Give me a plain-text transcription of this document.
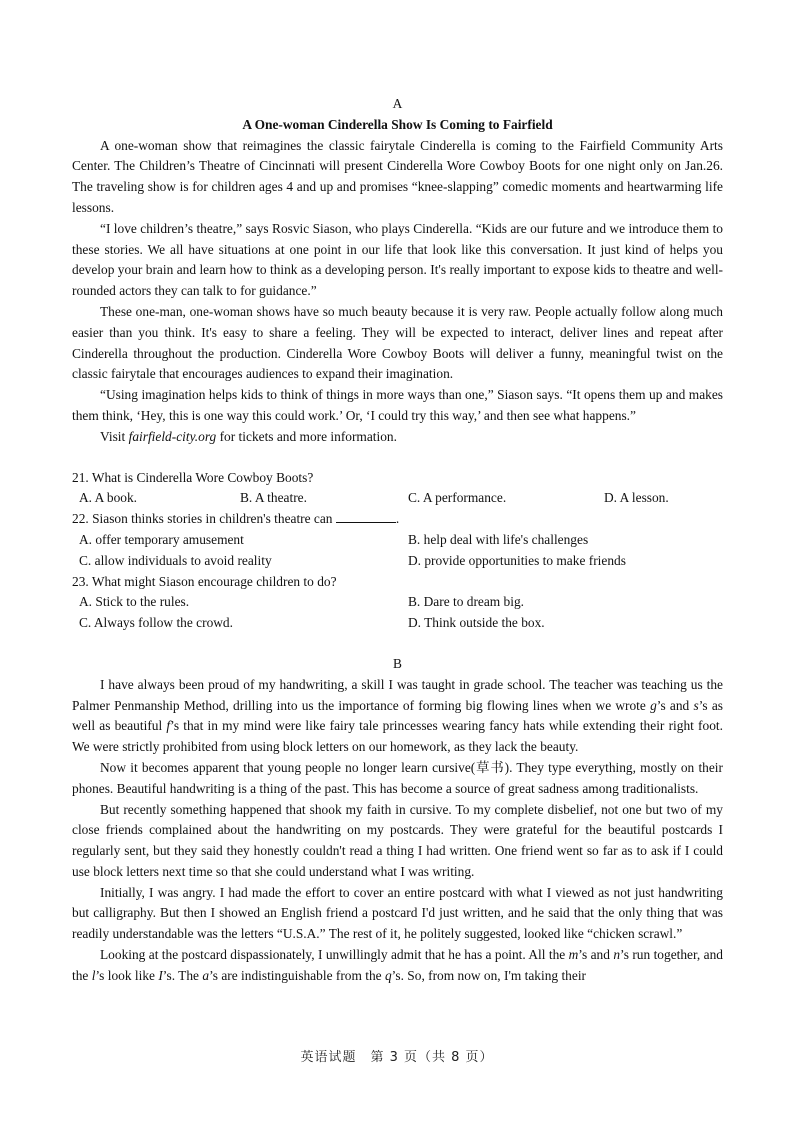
A
A One-woman Cinderella Show Is Coming to Fairfield

A one-woman show that reimagines the classic fairytale Cinderella is coming to the Fairfield Community Arts Center. The Children’s Theatre of Cincinnati will present Cinderella Wore Cowboy Boots for one night only on Jan.26. The traveling show is for children ages 4 and up and promises “knee-slapping” comedic moments and heartwarming life lessons.

“I love children’s theatre,” says Rosvic Siason, who plays Cinderella. “Kids are our future and we introduce them to these stories. We all have situations at one point in our life that look like this conversation. It just kind of helps you develop your brain and learn how to think as a developing person. It's really important to expose kids to theatre and well-rounded actors they can talk to for guidance.”

These one-man, one-woman shows have so much beauty because it is very raw. People actually follow along much easier than you think. It's easy to share a feeling. They will be expected to interact, deliver lines and repeat after Cinderella throughout the production. Cinderella Wore Cowboy Boots will deliver a funny, meaningful twist on the classic fairytale that encourages audiences to expand their imagination.

“Using imagination helps kids to think of things in more ways than one,” Siason says. “It opens them up and makes them think, ‘Hey, this is one way this could work.’ Or, ‘I could try this way,’ and then see what happens.”

Visit fairfield-city.org for tickets and more information.

21. What is Cinderella Wore Cowboy Boots?
A. A book.	B. A theatre.	C. A performance.	D. A lesson.
22. Siason thinks stories in children's theatre can	.
A. offer temporary amusement	B. help deal with life's challenges
C. allow individuals to avoid reality	D. provide opportunities to make friends
23. What might Siason encourage children to do?
A. Stick to the rules.	B. Dare to dream big.
C. Always follow the crowd.	D. Think outside the box.
B

I have always been proud of my handwriting, a skill I was taught in grade school. The teacher was teaching us the Palmer Penmanship Method, drilling into us the importance of forming big flowing lines when we wrote g’s and s’s as well as beautiful f’s that in my mind were like fairy tale princesses wearing fancy hats while extending their right foot. We were strictly prohibited from using block letters on our homework, as they lack the beauty.

Now it becomes apparent that young people no longer learn cursive(草书). They type everything, mostly on their phones. Beautiful handwriting is a thing of the past. This has become a source of great sadness among traditionalists.

But recently something happened that shook my faith in cursive. To my complete disbelief, not one but two of my close friends complained about the handwriting on my postcards. They were grateful for the beautiful postcards I regularly sent, but they said they honestly couldn't read a thing I had written. One friend went so far as to ask if I could use block letters next time so that she could understand what I was writing.

Initially, I was angry. I had made the effort to cover an entire postcard with what I viewed as not just handwriting but calligraphy. But then I showed an English friend a postcard I'd just written, and he said that the only thing that was readily understandable was the letters “U.S.A.” The rest of it, he politely suggested, looked like “chicken scrawl.”

Looking at the postcard dispassionately, I unwillingly admit that he has a point. All the m’s and n’s run together, and the l’s look like I’s. The a’s are indistinguishable from the q’s. So, from now on, I'm taking their

英语试题　第 3 页（共 8 页）
